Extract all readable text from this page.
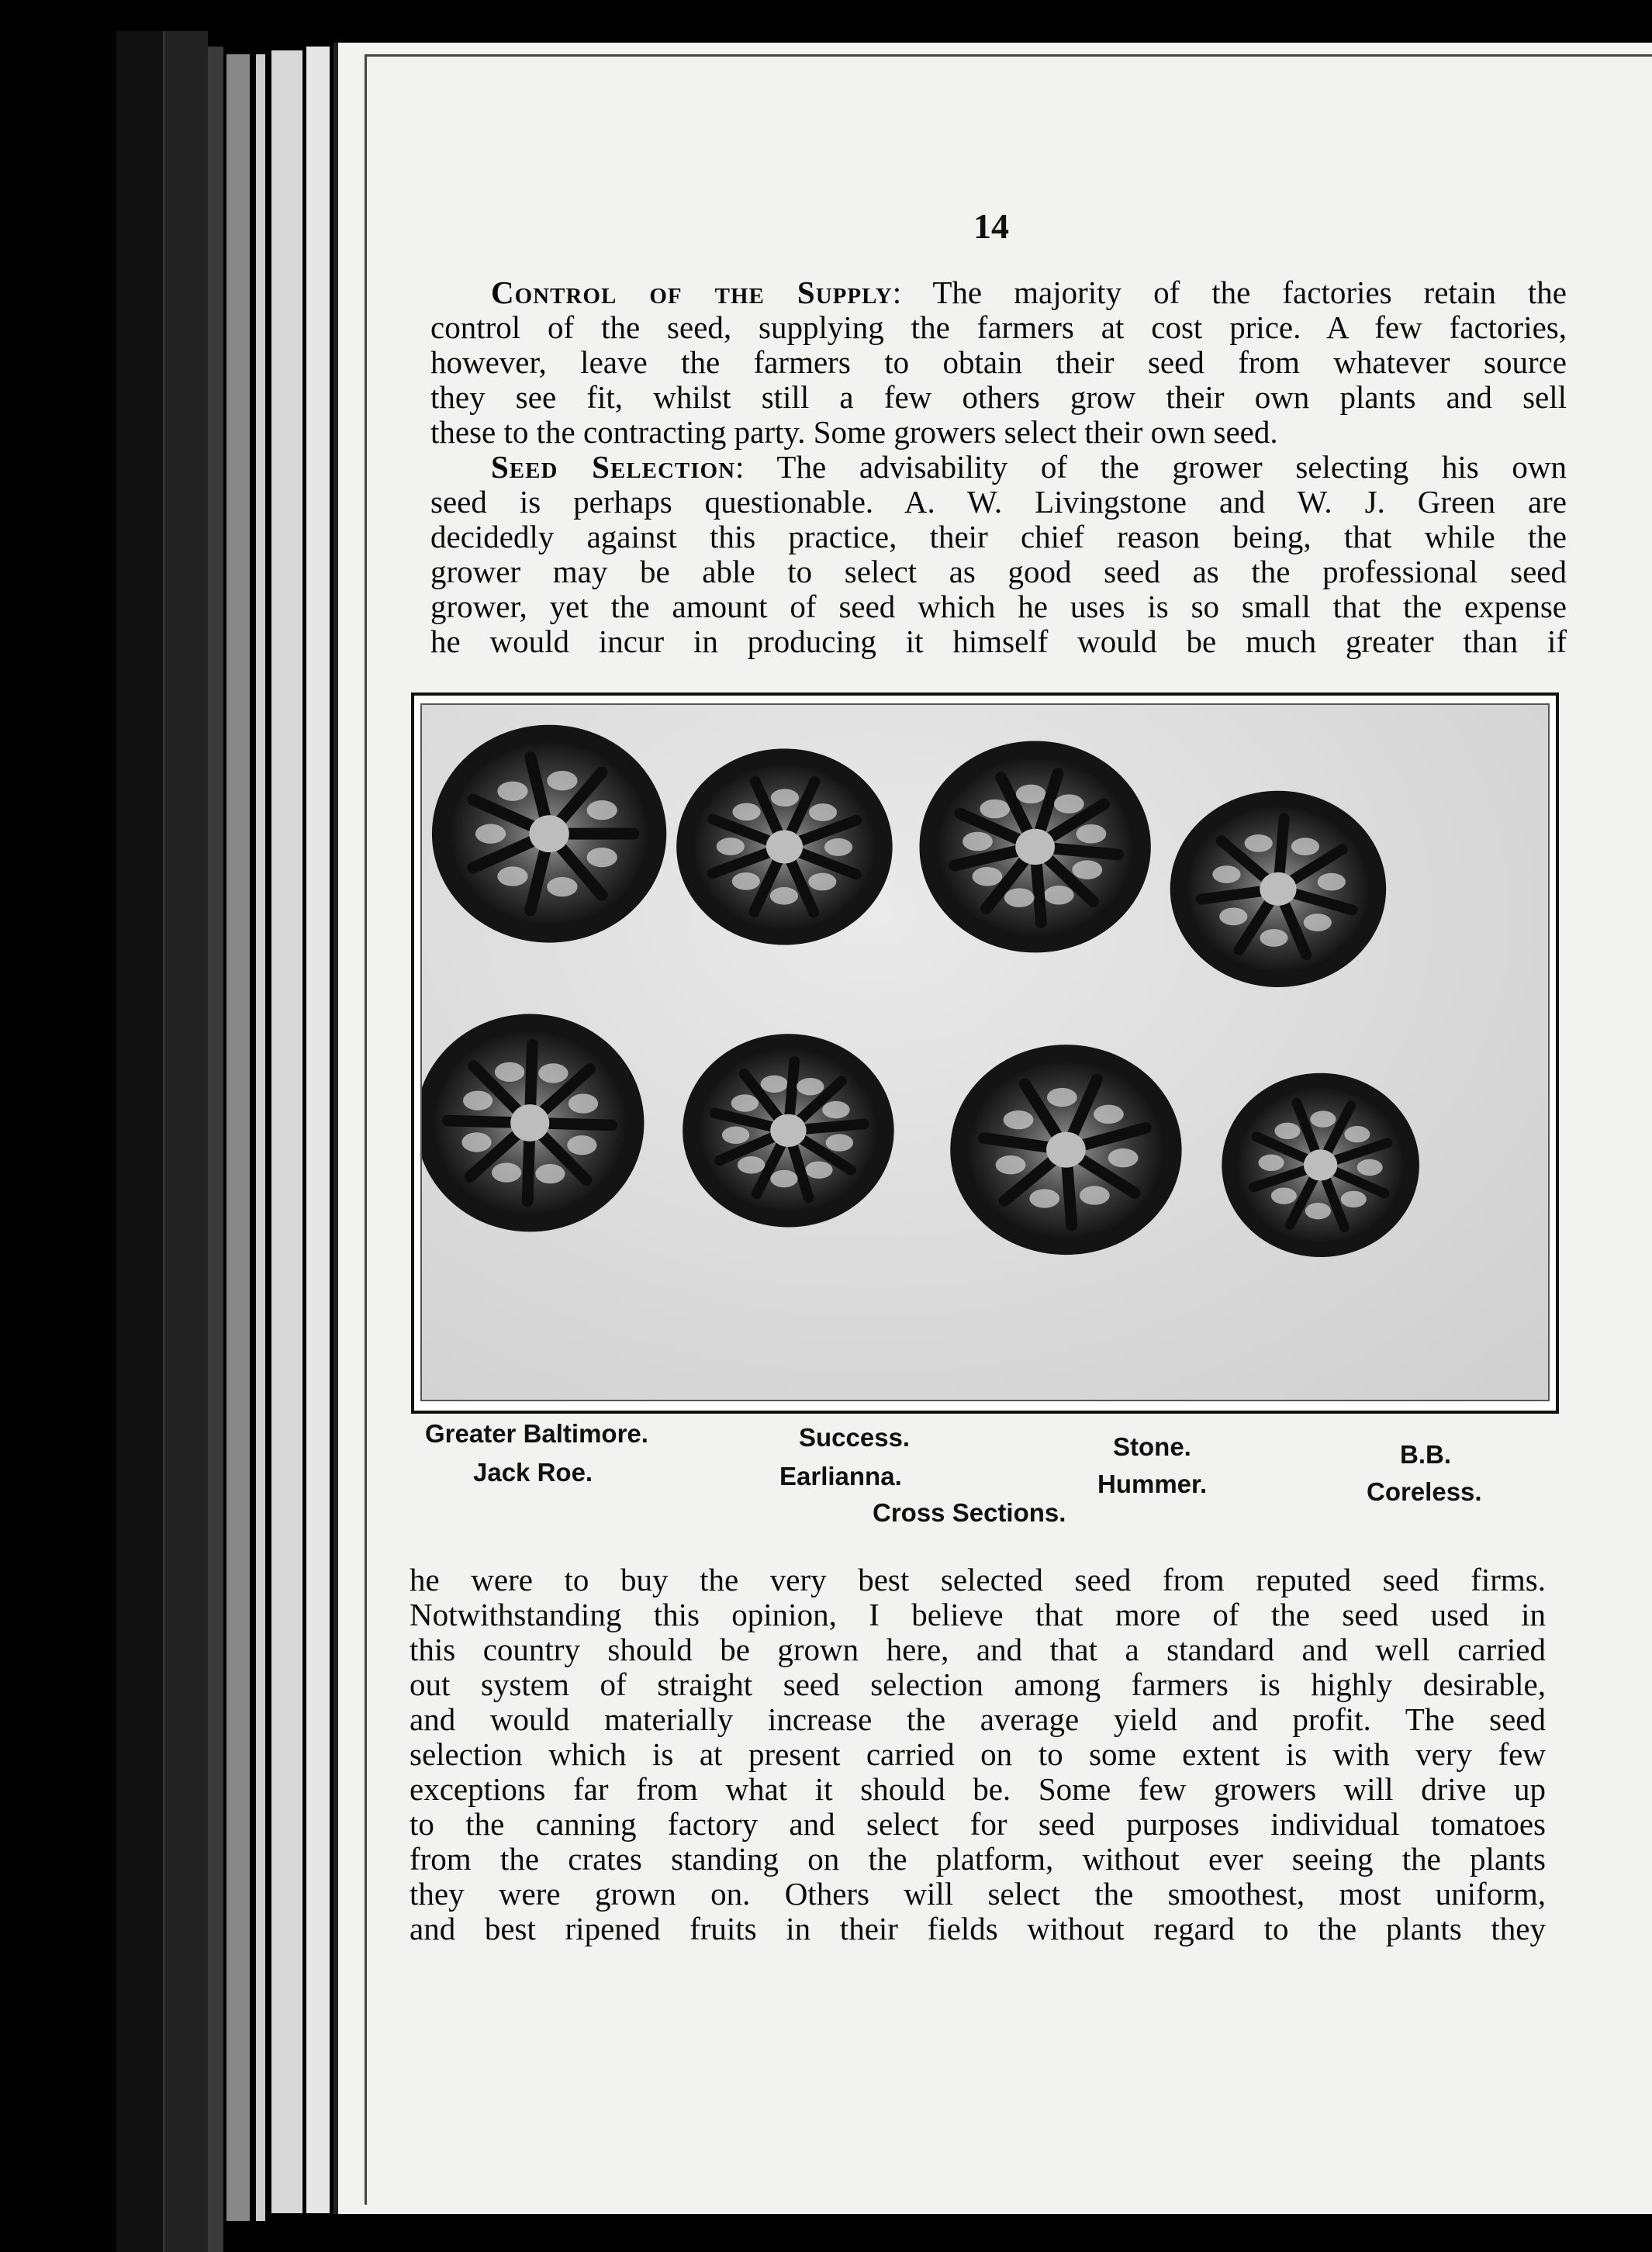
14
Control of the Supply: The majority of the factories retain the
control of the seed, supplying the farmers at cost price. A few factories,
however, leave the farmers to obtain their seed from whatever source
they see fit, whilst still a few others grow their own plants and sell
these to the contracting party. Some growers select their own seed.
Seed Selection: The advisability of the grower selecting his own
seed is perhaps questionable. A. W. Livingstone and W. J. Green are
decidedly against this practice, their chief reason being, that while the
grower may be able to select as good seed as the professional seed
grower, yet the amount of seed which he uses is so small that the expense
he would incur in producing it himself would be much greater than if
Greater Baltimore.
Jack Roe.
Success.
Earlianna.
Stone.
Hummer.
B.B.
Coreless.
Cross Sections.
he were to buy the very best selected seed from reputed seed firms.
Notwithstanding this opinion, I believe that more of the seed used in
this country should be grown here, and that a standard and well carried
out system of straight seed selection among farmers is highly desirable,
and would materially increase the average yield and profit. The seed
selection which is at present carried on to some extent is with very few
exceptions far from what it should be. Some few growers will drive up
to the canning factory and select for seed purposes individual tomatoes
from the crates standing on the platform, without ever seeing the plants
they were grown on. Others will select the smoothest, most uniform,
and best ripened fruits in their fields without regard to the plants they
